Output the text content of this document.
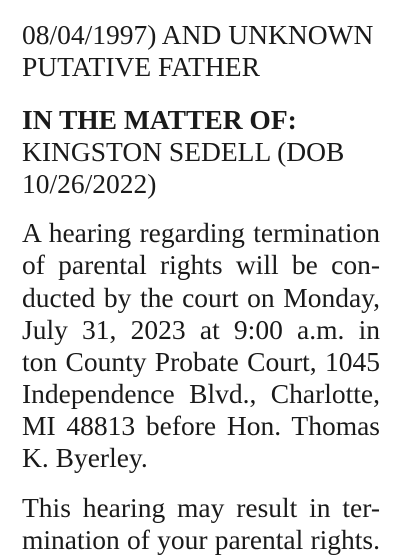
08/04/1997) AND UNKNOWN
PUTATIVE FATHER
IN THE MATTER OF:
KINGSTON SEDELL (DOB
10/26/2022)
A hearing regarding termination
of parental rights will be con-
ducted by the court on Monday,
July 31, 2023 at 9:00 a.m. in
ton County Probate Court, 1045
Independence Blvd., Charlotte,
MI 48813 before Hon. Thomas
K. Byerley.
This hearing may result in ter-
mination of your parental rights.
